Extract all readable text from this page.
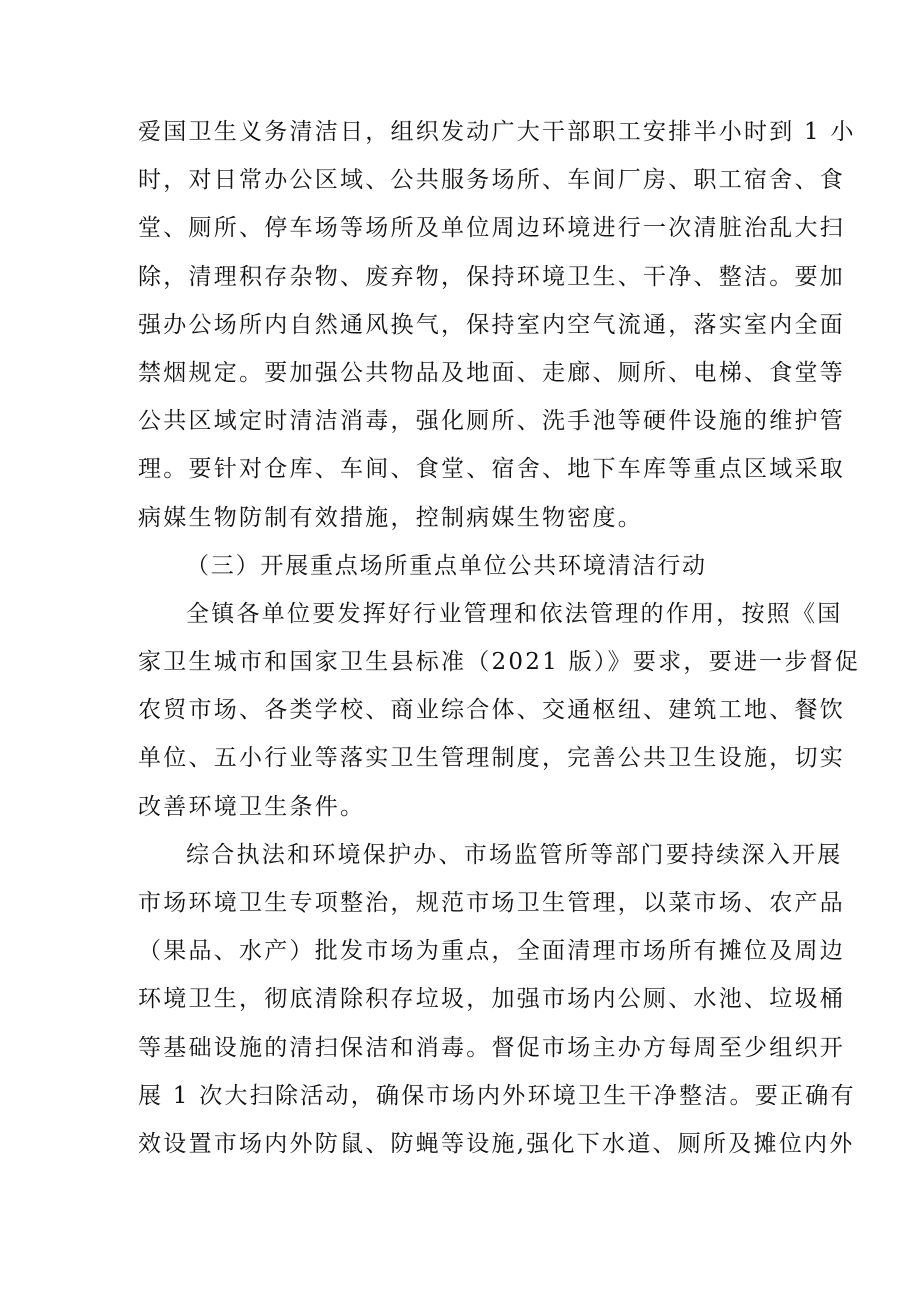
爱国卫生义务清洁日，组织发动广大干部职工安排半小时到 1 小
时，对日常办公区域、公共服务场所、车间厂房、职工宿舍、食
堂、厕所、停车场等场所及单位周边环境进行一次清脏治乱大扫
除，清理积存杂物、废弃物，保持环境卫生、干净、整洁。要加
强办公场所内自然通风换气，保持室内空气流通，落实室内全面
禁烟规定。要加强公共物品及地面、走廊、厕所、电梯、食堂等
公共区域定时清洁消毒，强化厕所、洗手池等硬件设施的维护管
理。要针对仓库、车间、食堂、宿舍、地下车库等重点区域采取
病媒生物防制有效措施，控制病媒生物密度。
（三）开展重点场所重点单位公共环境清洁行动
全镇各单位要发挥好行业管理和依法管理的作用，按照《国
家卫生城市和国家卫生县标准（2021 版）》要求，要进一步督促
农贸市场、各类学校、商业综合体、交通枢纽、建筑工地、餐饮
单位、五小行业等落实卫生管理制度，完善公共卫生设施，切实
改善环境卫生条件。
综合执法和环境保护办、市场监管所等部门要持续深入开展
市场环境卫生专项整治，规范市场卫生管理，以菜市场、农产品
（果品、水产）批发市场为重点，全面清理市场所有摊位及周边
环境卫生，彻底清除积存垃圾，加强市场内公厕、水池、垃圾桶
等基础设施的清扫保洁和消毒。督促市场主办方每周至少组织开
展 1 次大扫除活动，确保市场内外环境卫生干净整洁。要正确有
效设置市场内外防鼠、防蝇等设施,强化下水道、厕所及摊位内外
